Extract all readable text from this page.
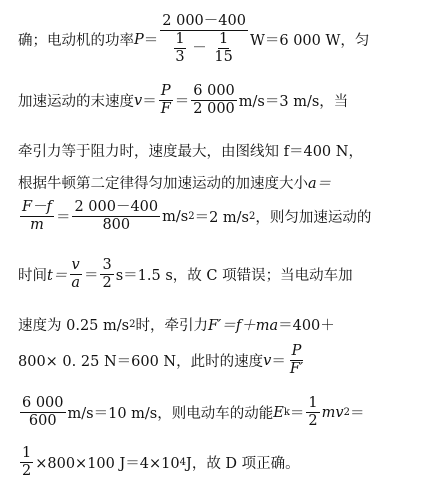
确；电动机的功率 P ＝
2 000－400
$\frac{1}{3} - \frac{1}{15} W=6$ 000 W，匀
加速运动的末速度 $v = \frac{P}{F} = \frac{6 000}{2 000} m/s=3$ m/s，当
牵引力等于阻力时，速度最大，由图线知 f＝400 N，
根据牛顿第二定律得匀加速运动的加速度大小 a＝
$\frac{F-f}{m} = \frac{2 000-400}{800} m/s$ 2 ＝2 m/s 2 ，则匀加速运动的
时间 $t= \frac{v}{a} = \frac{3}{2} s=1.5$ s，故 C 项错误；当电动车加
速度为 0.25 m/s 2 时，牵引力 F′＝f＋ma ＝400＋
800× 0. 25 N＝600 N，此时的速度 $v = \frac{P}{F'}$
$\frac{6 000}{600} m/s=10$ m/s，则电动车的动能 E $k = \frac{1}{2}$ mv 2 ＝
$\frac{1}{2} \times 800\times 100$ J＝4×10 4 J，故 D 项正确。
